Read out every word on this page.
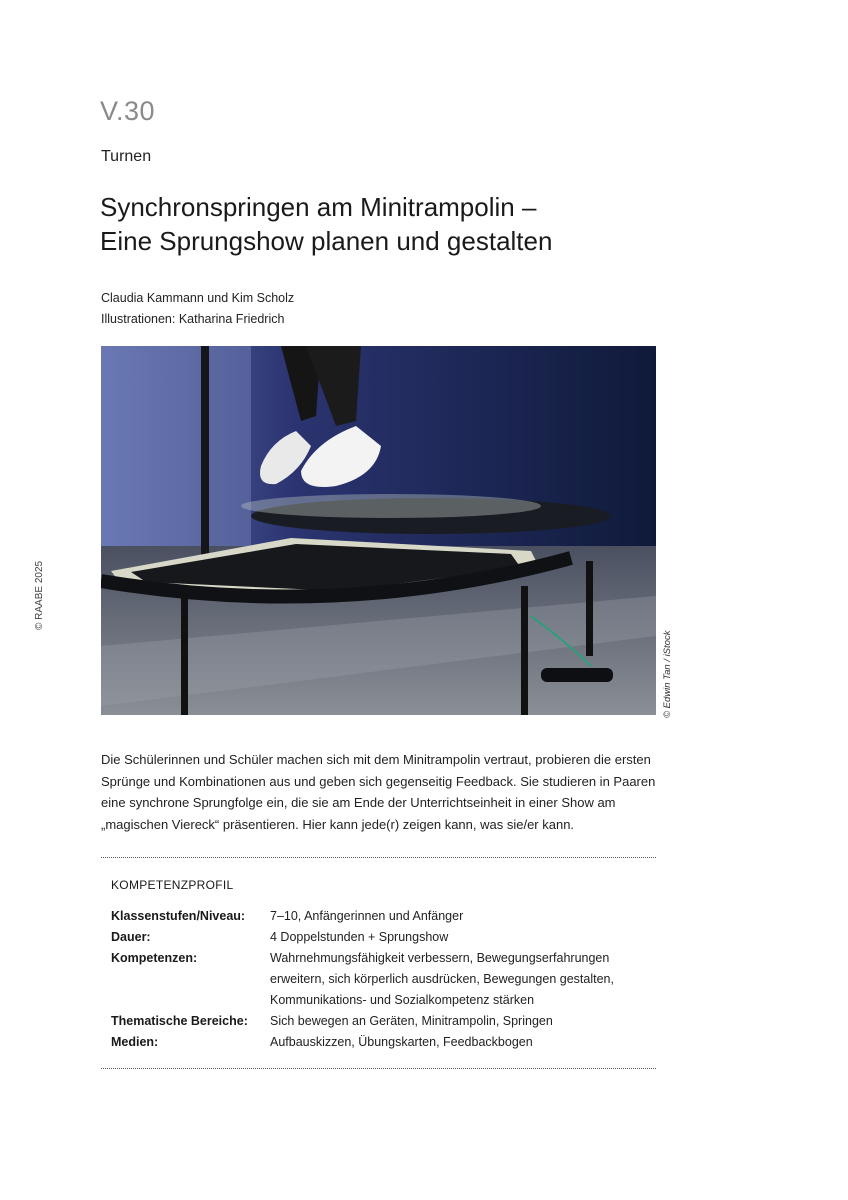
V.30
Turnen
Synchronspringen am Minitrampolin –
Eine Sprungshow planen und gestalten
Claudia Kammann und Kim Scholz
Illustrationen: Katharina Friedrich
© Edwin Tan / iStock
© RAABE 2025
Die Schülerinnen und Schüler machen sich mit dem Minitrampolin vertraut, probieren die ersten Sprünge und Kombinationen aus und geben sich gegenseitig Feedback. Sie studieren in Paaren eine synchrone Sprungfolge ein, die sie am Ende der Unterrichtseinheit in einer Show am „magischen Viereck“ präsentieren. Hier kann jede(r) zeigen kann, was sie/er kann.
KOMPETENZPROFIL
Klassenstufen/Niveau:	7–10, Anfängerinnen und Anfänger
Dauer:	4 Doppelstunden + Sprungshow
Kompetenzen:	Wahrnehmungsfähigkeit verbessern, Bewegungserfahrungen erweitern, sich körperlich ausdrücken, Bewegungen gestalten, Kommunikations- und Sozialkompetenz stärken
Thematische Bereiche:	Sich bewegen an Geräten, Minitrampolin, Springen
Medien:	Aufbauskizzen, Übungskarten, Feedbackbogen
